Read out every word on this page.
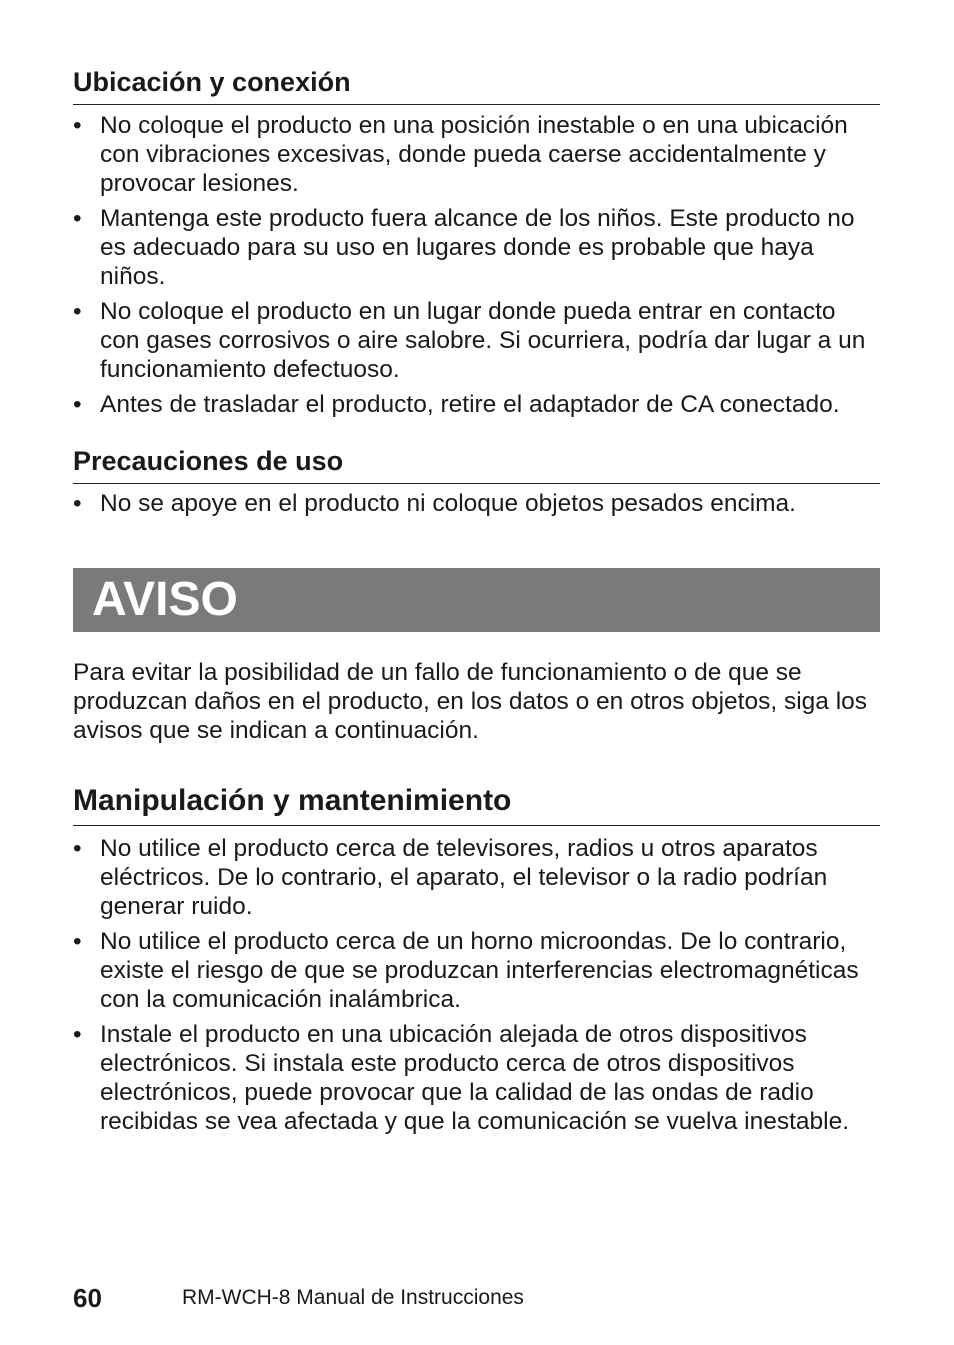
Ubicación y conexión
• No coloque el producto en una posición inestable o en una ubicación con vibraciones excesivas, donde pueda caerse accidentalmente y provocar lesiones.
• Mantenga este producto fuera alcance de los niños. Este producto no es adecuado para su uso en lugares donde es probable que haya niños.
• No coloque el producto en un lugar donde pueda entrar en contacto con gases corrosivos o aire salobre. Si ocurriera, podría dar lugar a un funcionamiento defectuoso.
• Antes de trasladar el producto, retire el adaptador de CA conectado.
Precauciones de uso
• No se apoye en el producto ni coloque objetos pesados encima.
AVISO

Para evitar la posibilidad de un fallo de funcionamiento o de que se produzcan daños en el producto, en los datos o en otros objetos, siga los avisos que se indican a continuación.

Manipulación y mantenimiento
• No utilice el producto cerca de televisores, radios u otros aparatos eléctricos. De lo contrario, el aparato, el televisor o la radio podrían generar ruido.
• No utilice el producto cerca de un horno microondas. De lo contrario, existe el riesgo de que se produzcan interferencias electromagnéticas con la comunicación inalámbrica.
• Instale el producto en una ubicación alejada de otros dispositivos electrónicos. Si instala este producto cerca de otros dispositivos electrónicos, puede provocar que la calidad de las ondas de radio recibidas se vea afectada y que la comunicación se vuelva inestable.
60	RM-WCH-8 Manual de Instrucciones
